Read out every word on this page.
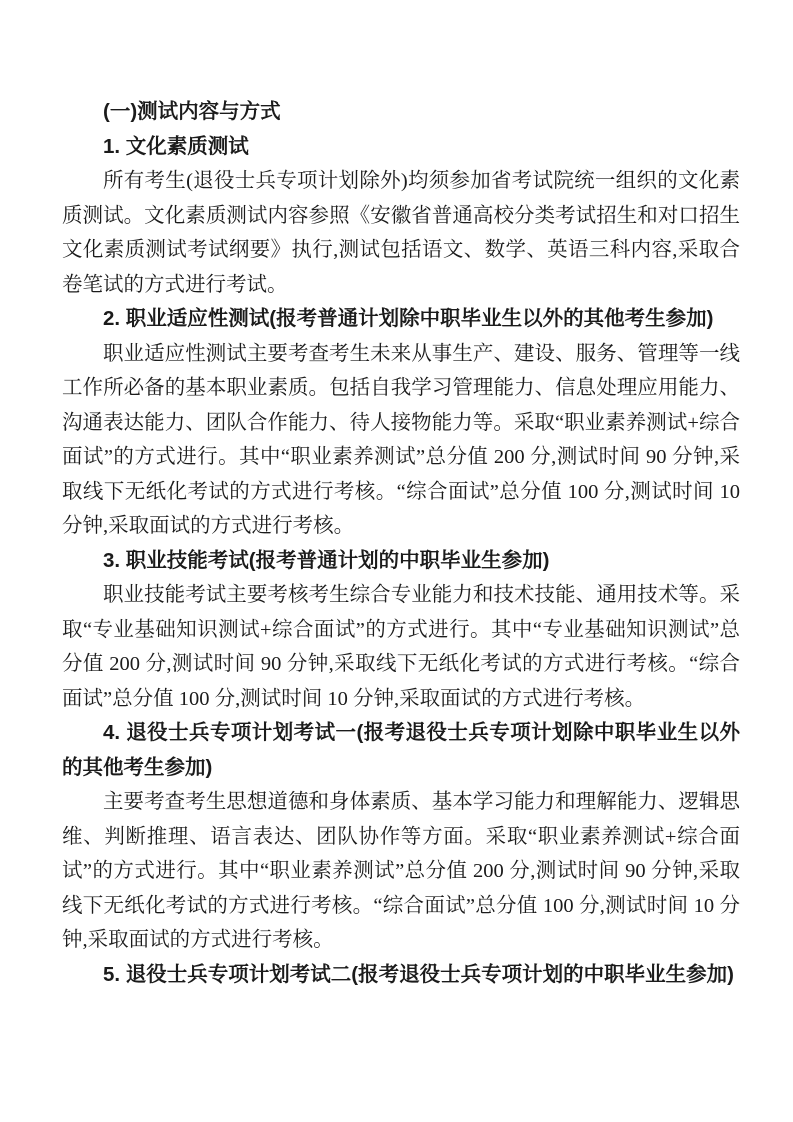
(一)测试内容与方式
1. 文化素质测试

所有考生(退役士兵专项计划除外)均须参加省考试院统一组织的文化素质测试。文化素质测试内容参照《安徽省普通高校分类考试招生和对口招生文化素质测试考试纲要》执行,测试包括语文、数学、英语三科内容,采取合卷笔试的方式进行考试。

2. 职业适应性测试(报考普通计划除中职毕业生以外的其他考生参加)

职业适应性测试主要考查考生未来从事生产、建设、服务、管理等一线工作所必备的基本职业素质。包括自我学习管理能力、信息处理应用能力、沟通表达能力、团队合作能力、待人接物能力等。采取“职业素养测试+综合面试”的方式进行。其中“职业素养测试”总分值 200 分,测试时间 90 分钟,采取线下无纸化考试的方式进行考核。“综合面试”总分值 100 分,测试时间 10 分钟,采取面试的方式进行考核。

3. 职业技能考试(报考普通计划的中职毕业生参加)

职业技能考试主要考核考生综合专业能力和技术技能、通用技术等。采取“专业基础知识测试+综合面试”的方式进行。其中“专业基础知识测试”总分值 200 分,测试时间 90 分钟,采取线下无纸化考试的方式进行考核。“综合面试”总分值 100 分,测试时间 10 分钟,采取面试的方式进行考核。

4. 退役士兵专项计划考试一(报考退役士兵专项计划除中职毕业生以外的其他考生参加)

主要考查考生思想道德和身体素质、基本学习能力和理解能力、逻辑思维、判断推理、语言表达、团队协作等方面。采取“职业素养测试+综合面试”的方式进行。其中“职业素养测试”总分值 200 分,测试时间 90 分钟,采取线下无纸化考试的方式进行考核。“综合面试”总分值 100 分,测试时间 10 分钟,采取面试的方式进行考核。

5. 退役士兵专项计划考试二(报考退役士兵专项计划的中职毕业生参加)
